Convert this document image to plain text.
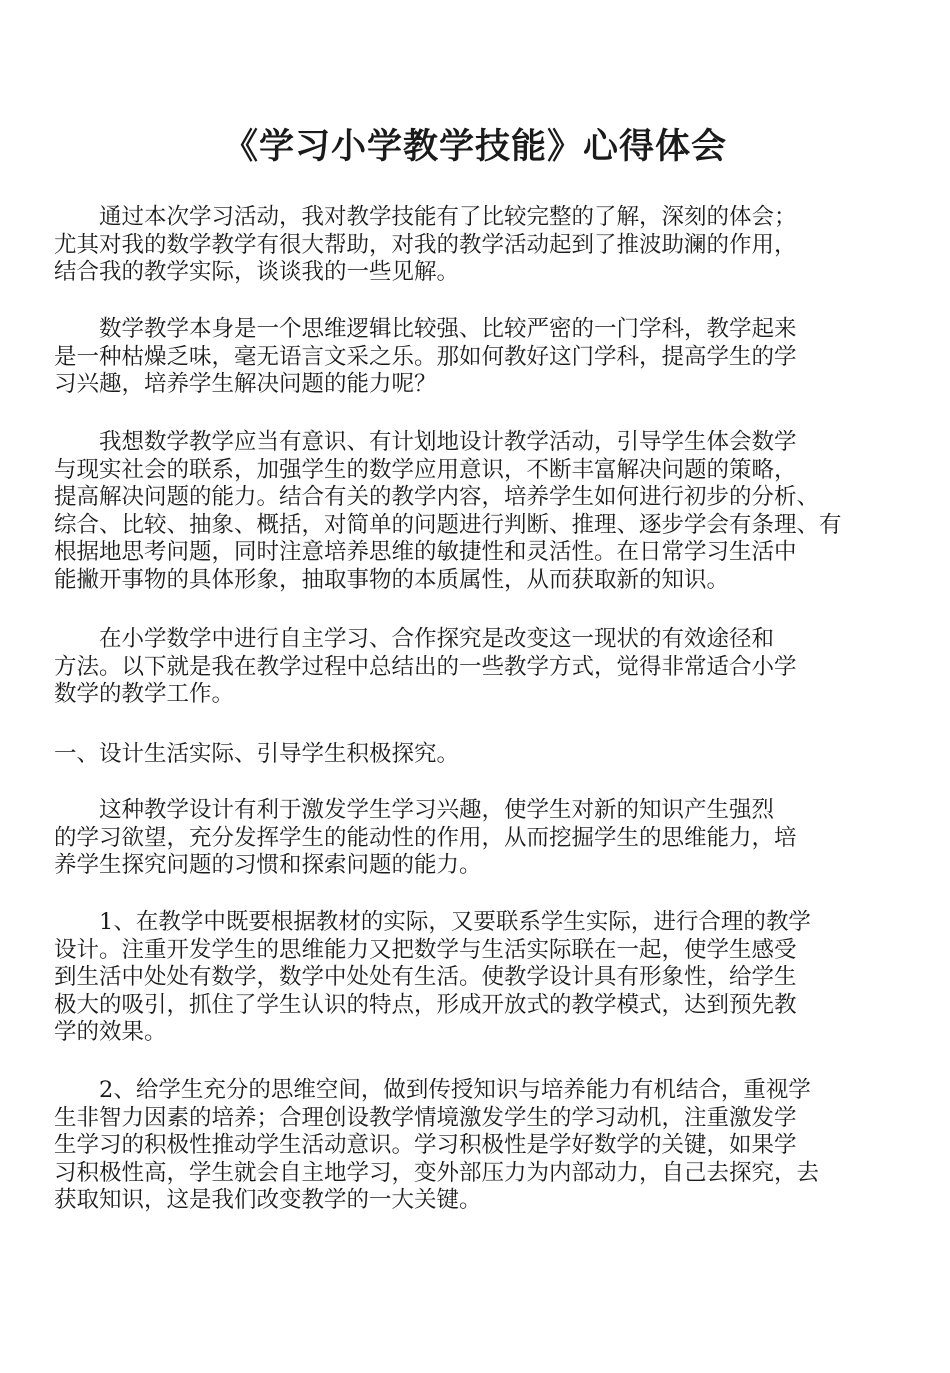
《学习小学教学技能》心得体会
　　通过本次学习活动，我对教学技能有了比较完整的了解，深刻的体会；
尤其对我的数学教学有很大帮助，对我的教学活动起到了推波助澜的作用，
结合我的教学实际，谈谈我的一些见解。
　　数学教学本身是一个思维逻辑比较强、比较严密的一门学科，教学起来
是一种枯燥乏味，毫无语言文采之乐。那如何教好这门学科，提高学生的学
习兴趣，培养学生解决问题的能力呢？
　　我想数学教学应当有意识、有计划地设计教学活动，引导学生体会数学
与现实社会的联系，加强学生的数学应用意识，不断丰富解决问题的策略，
提高解决问题的能力。结合有关的教学内容，培养学生如何进行初步的分析、
综合、比较、抽象、概括，对简单的问题进行判断、推理、逐步学会有条理、有
根据地思考问题，同时注意培养思维的敏捷性和灵活性。在日常学习生活中
能撇开事物的具体形象，抽取事物的本质属性，从而获取新的知识。
　　在小学数学中进行自主学习、合作探究是改变这一现状的有效途径和
方法。以下就是我在教学过程中总结出的一些教学方式，觉得非常适合小学
数学的教学工作。
一、设计生活实际、引导学生积极探究。
　　这种教学设计有利于激发学生学习兴趣，使学生对新的知识产生强烈
的学习欲望，充分发挥学生的能动性的作用，从而挖掘学生的思维能力，培
养学生探究问题的习惯和探索问题的能力。
　　1、在教学中既要根据教材的实际，又要联系学生实际，进行合理的教学
设计。注重开发学生的思维能力又把数学与生活实际联在一起，使学生感受
到生活中处处有数学，数学中处处有生活。使教学设计具有形象性，给学生
极大的吸引，抓住了学生认识的特点，形成开放式的教学模式，达到预先教
学的效果。
　　2、给学生充分的思维空间，做到传授知识与培养能力有机结合，重视学
生非智力因素的培养；合理创设教学情境激发学生的学习动机，注重激发学
生学习的积极性推动学生活动意识。学习积极性是学好数学的关键，如果学
习积极性高，学生就会自主地学习，变外部压力为内部动力，自己去探究，去
获取知识，这是我们改变教学的一大关键。
